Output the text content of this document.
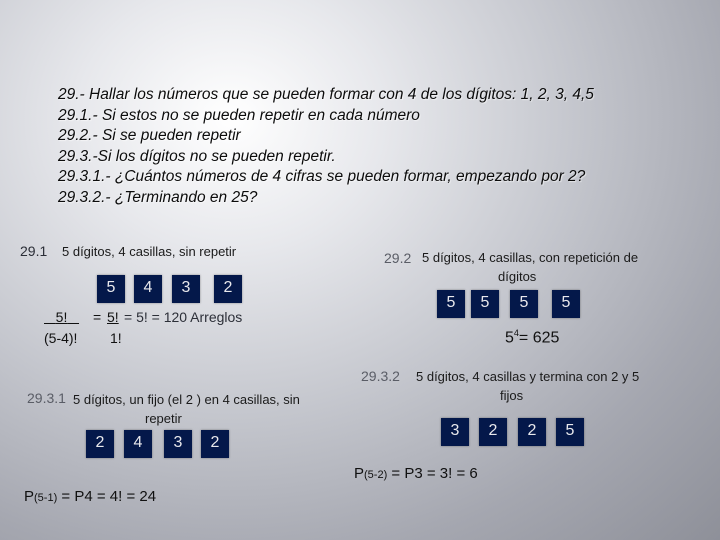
29.- Hallar los números que se pueden formar con 4 de los dígitos: 1, 2, 3, 4,5
29.1.- Si estos no se pueden repetir en cada número
29.2.- Si se pueden repetir
29.3.-Si los dígitos no se pueden repetir.
29.3.1.- ¿Cuántos números de 4 cifras se pueden formar, empezando por 2?
29.3.2.- ¿Terminando en 25?
29.1 5 dígitos, 4 casillas, sin repetir
5	4	3	2
5!	= 5! = 5! = 120 Arreglos
(5-4)! 1!
29.2 5 dígitos, 4 casillas, con repetición de
dígitos
5	5	5	5
$5^4= 625$
29.3.1 5 dígitos, un fijo (el 2 ) en 4 casillas, sin
repetir
2	4	3	2
P(5-1) = P4 = 4! = 24
29.3.2 5 dígitos, 4 casillas y termina con 2 y 5
fijos
3	2	2	5
P(5-2) = P3 = 3! = 6
